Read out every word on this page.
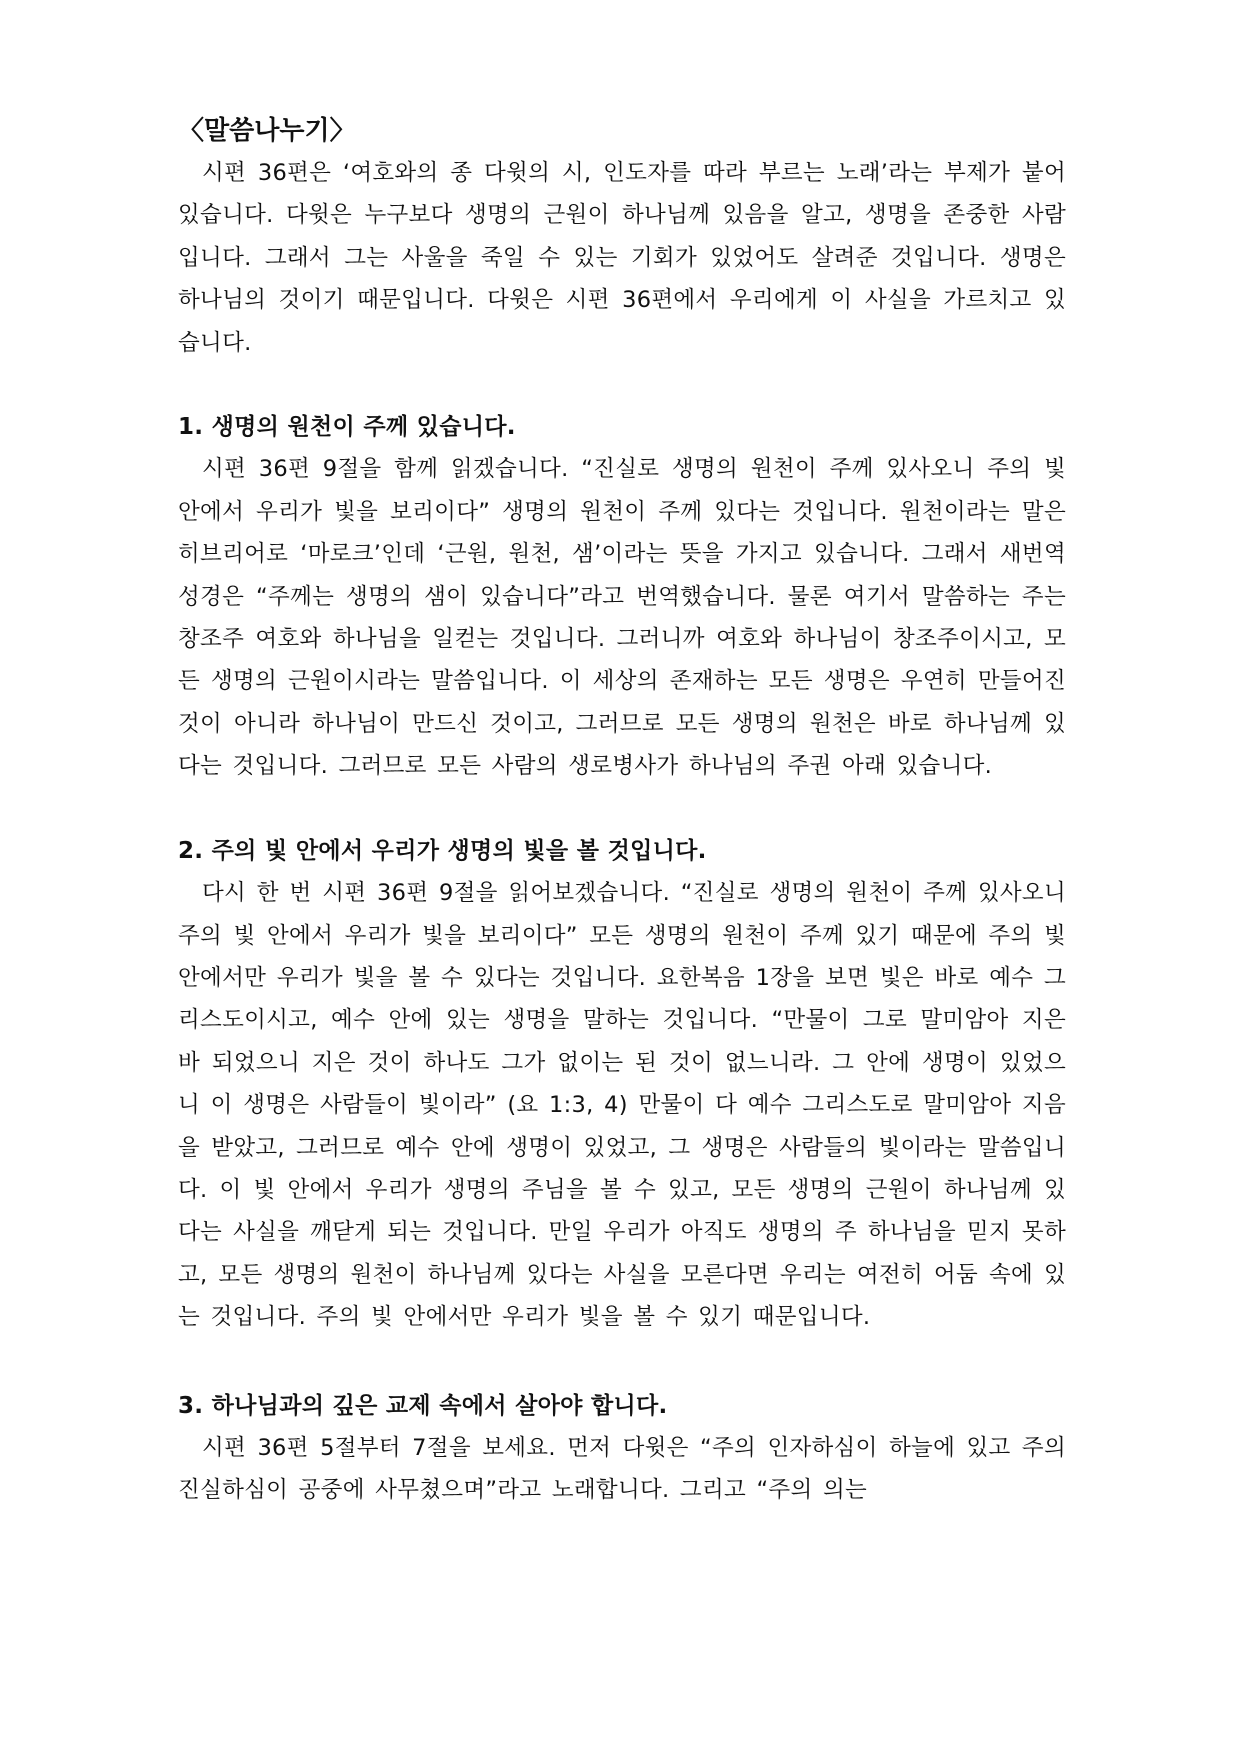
〈말씀나누기〉

시편 36편은 ‘여호와의 종 다윗의 시, 인도자를 따라 부르는 노래’라는 부제가 붙어 있습니다. 다윗은 누구보다 생명의 근원이 하나님께 있음을 알고, 생명을 존중한 사람입니다. 그래서 그는 사울을 죽일 수 있는 기회가 있었어도 살려준 것입니다. 생명은 하나님의 것이기 때문입니다. 다윗은 시편 36편에서 우리에게 이 사실을 가르치고 있습니다.

1. 생명의 원천이 주께 있습니다.

시편 36편 9절을 함께 읽겠습니다. “진실로 생명의 원천이 주께 있사오니 주의 빛 안에서 우리가 빛을 보리이다” 생명의 원천이 주께 있다는 것입니다. 원천이라는 말은 히브리어로 ‘마로크’인데 ‘근원, 원천, 샘’이라는 뜻을 가지고 있습니다. 그래서 새번역 성경은 “주께는 생명의 샘이 있습니다”라고 번역했습니다. 물론 여기서 말씀하는 주는 창조주 여호와 하나님을 일컫는 것입니다. 그러니까 여호와 하나님이 창조주이시고, 모든 생명의 근원이시라는 말씀입니다. 이 세상의 존재하는 모든 생명은 우연히 만들어진 것이 아니라 하나님이 만드신 것이고, 그러므로 모든 생명의 원천은 바로 하나님께 있다는 것입니다. 그러므로 모든 사람의 생로병사가 하나님의 주권 아래 있습니다.

2. 주의 빛 안에서 우리가 생명의 빛을 볼 것입니다.

다시 한 번 시편 36편 9절을 읽어보겠습니다. “진실로 생명의 원천이 주께 있사오니 주의 빛 안에서 우리가 빛을 보리이다” 모든 생명의 원천이 주께 있기 때문에 주의 빛 안에서만 우리가 빛을 볼 수 있다는 것입니다. 요한복음 1장을 보면 빛은 바로 예수 그리스도이시고, 예수 안에 있는 생명을 말하는 것입니다. “만물이 그로 말미암아 지은 바 되었으니 지은 것이 하나도 그가 없이는 된 것이 없느니라. 그 안에 생명이 있었으니 이 생명은 사람들이 빛이라” (요 1:3, 4) 만물이 다 예수 그리스도로 말미암아 지음을 받았고, 그러므로 예수 안에 생명이 있었고, 그 생명은 사람들의 빛이라는 말씀입니다. 이 빛 안에서 우리가 생명의 주님을 볼 수 있고, 모든 생명의 근원이 하나님께 있다는 사실을 깨닫게 되는 것입니다. 만일 우리가 아직도 생명의 주 하나님을 믿지 못하고, 모든 생명의 원천이 하나님께 있다는 사실을 모른다면 우리는 여전히 어둠 속에 있는 것입니다. 주의 빛 안에서만 우리가 빛을 볼 수 있기 때문입니다.

3. 하나님과의 깊은 교제 속에서 살아야 합니다.

시편 36편 5절부터 7절을 보세요. 먼저 다윗은 “주의 인자하심이 하늘에 있고 주의 진실하심이 공중에 사무쳤으며”라고 노래합니다. 그리고 “주의 의는
